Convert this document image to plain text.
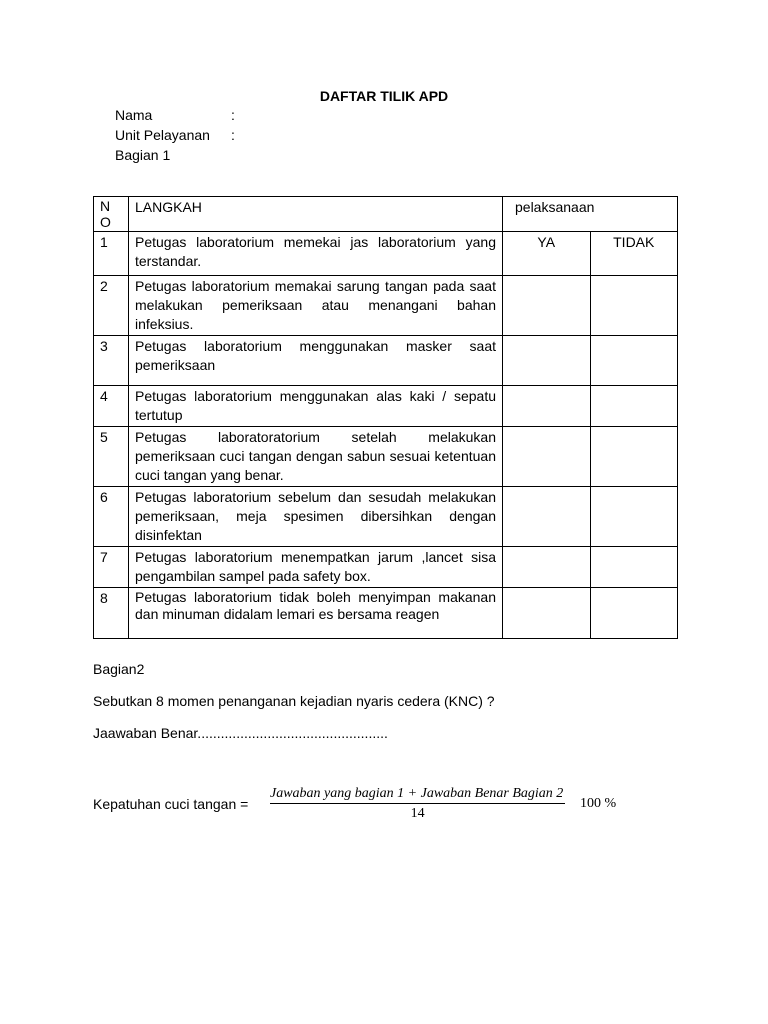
DAFTAR TILIK APD
Nama	:
Unit Pelayanan :
Bagian 1
N O	LANGKAH	pelaksanaan	
1	Petugas laboratorium memekai jas laboratorium yang terstandar.	YA	TIDAK
2	Petugas laboratorium memakai sarung tangan pada saat melakukan pemeriksaan atau menangani bahan infeksius.		
3	Petugas laboratorium menggunakan masker saat pemeriksaan		
4	Petugas laboratorium menggunakan alas kaki / sepatu tertutup		
5	Petugas laboratoratorium setelah melakukan pemeriksaan cuci tangan dengan sabun sesuai ketentuan cuci tangan yang benar.		
6	Petugas laboratorium sebelum dan sesudah melakukan pemeriksaan, meja spesimen dibersihkan dengan disinfektan		
7	Petugas laboratorium menempatkan jarum ,lancet sisa pengambilan sampel pada safety box.		
8	Petugas laboratorium tidak boleh menyimpan makanan dan minuman didalam lemari es bersama reagen		
Bagian2
Sebutkan 8 momen penanganan kejadian nyaris cedera (KNC) ?
Jaawaban Benar.................................................
Kepatuhan cuci tangan =
Jawaban yang bagian 1 + Jawaban Benar Bagian 2
14
100 %
